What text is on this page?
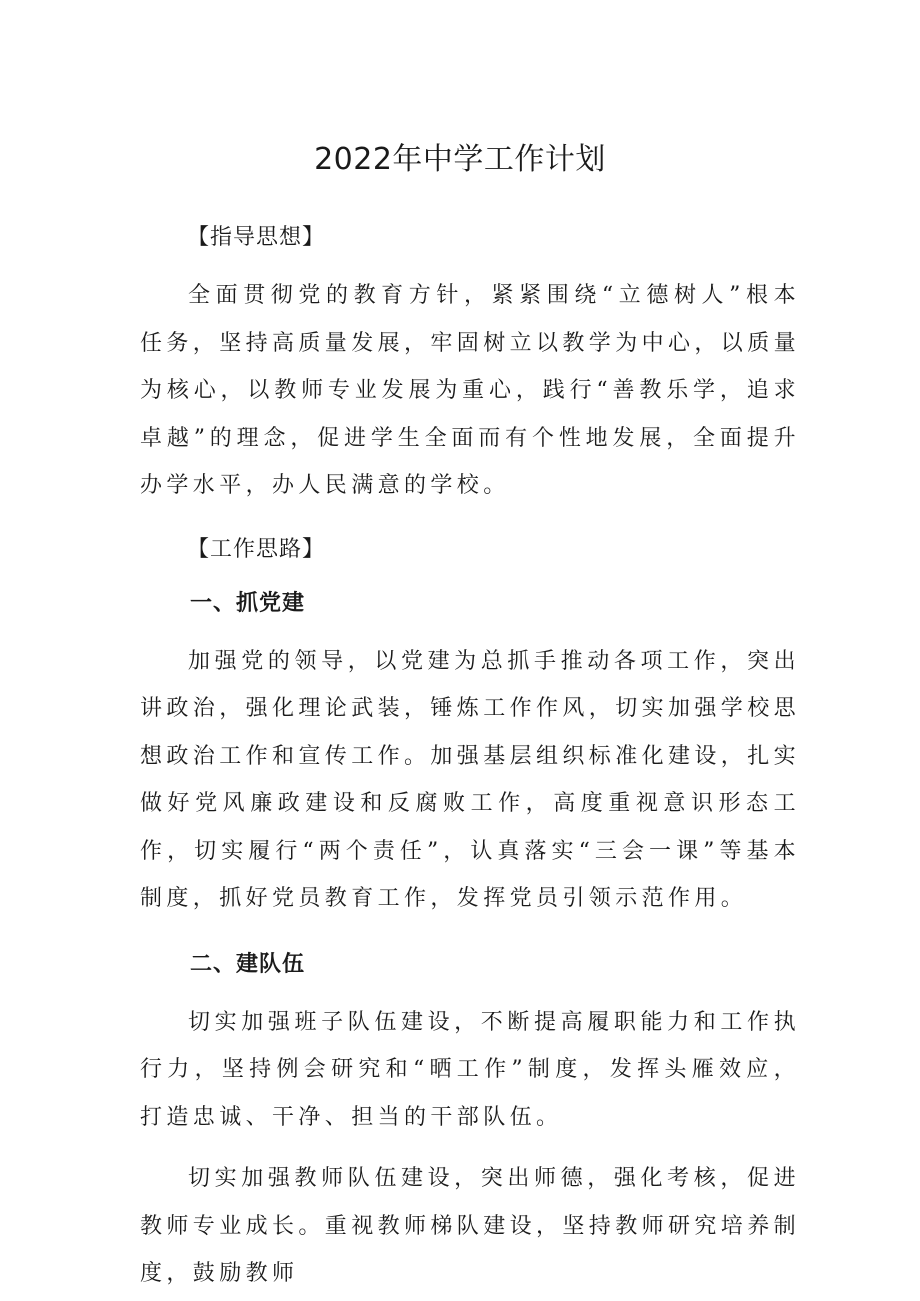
2022年中学工作计划

【指导思想】

全面贯彻党的教育方针，紧紧围绕“立德树人”根本任务，坚持高质量发展，牢固树立以教学为中心，以质量为核心，以教师专业发展为重心，践行“善教乐学，追求卓越”的理念，促进学生全面而有个性地发展，全面提升办学水平，办人民满意的学校。

【工作思路】

一、抓党建

加强党的领导，以党建为总抓手推动各项工作，突出讲政治，强化理论武装，锤炼工作作风，切实加强学校思想政治工作和宣传工作。加强基层组织标准化建设，扎实做好党风廉政建设和反腐败工作，高度重视意识形态工作，切实履行“两个责任”，认真落实“三会一课”等基本制度，抓好党员教育工作，发挥党员引领示范作用。

二、建队伍

切实加强班子队伍建设，不断提高履职能力和工作执行力，坚持例会研究和“晒工作”制度，发挥头雁效应，打造忠诚、干净、担当的干部队伍。

切实加强教师队伍建设，突出师德，强化考核，促进教师专业成长。重视教师梯队建设，坚持教师研究培养制度，鼓励教师
